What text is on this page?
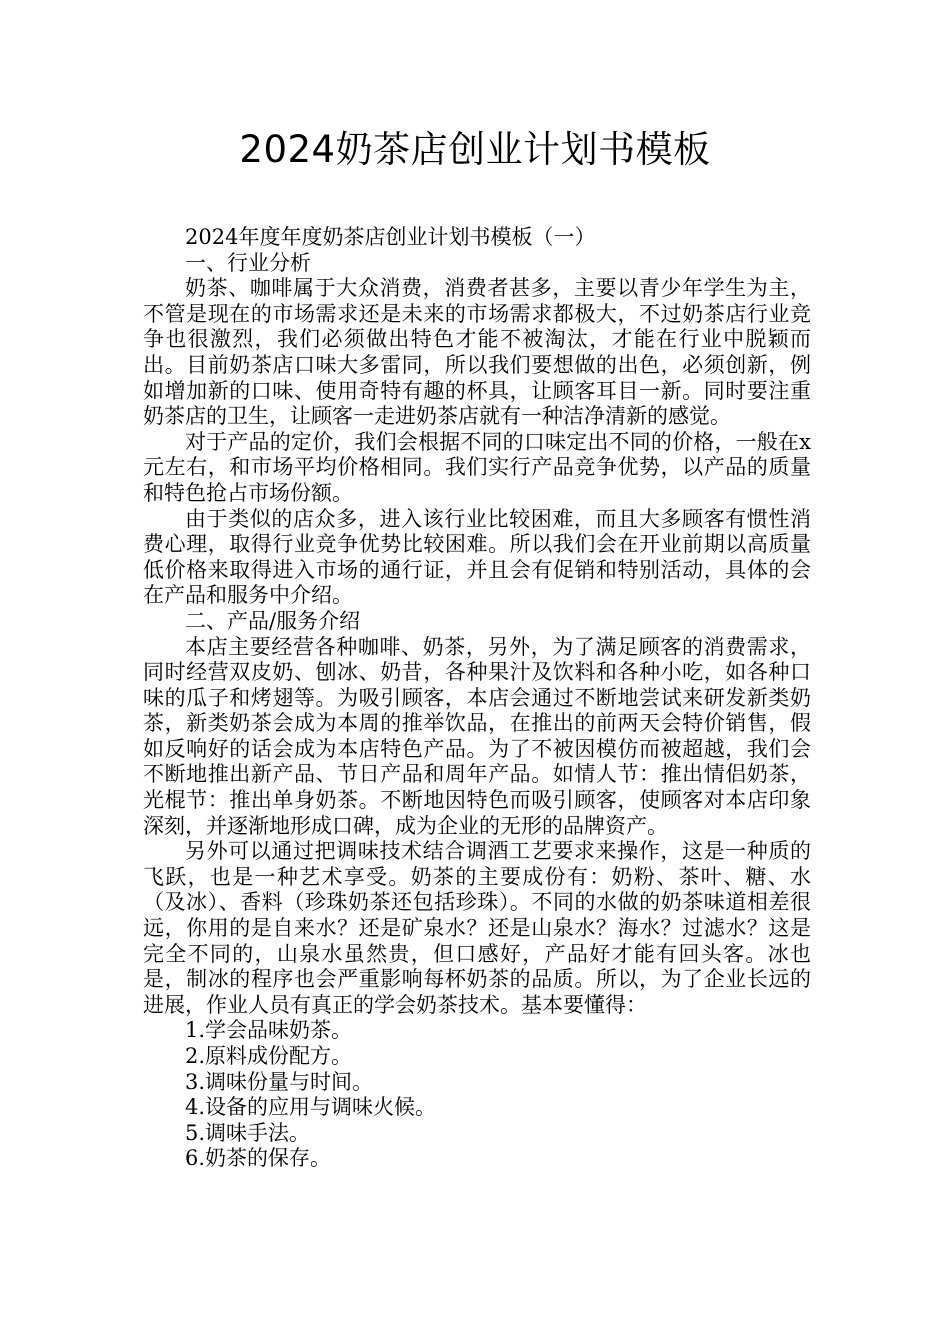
2024奶茶店创业计划书模板

2024年度年度奶茶店创业计划书模板（一）

一、行业分析

奶茶、咖啡属于大众消费，消费者甚多，主要以青少年学生为主，不管是现在的市场需求还是未来的市场需求都极大，不过奶茶店行业竞争也很激烈，我们必须做出特色才能不被淘汰，才能在行业中脱颖而出。目前奶茶店口味大多雷同，所以我们要想做的出色，必须创新，例如增加新的口味、使用奇特有趣的杯具，让顾客耳目一新。同时要注重奶茶店的卫生，让顾客一走进奶茶店就有一种洁净清新的感觉。

对于产品的定价，我们会根据不同的口味定出不同的价格，一般在x元左右，和市场平均价格相同。我们实行产品竞争优势，以产品的质量和特色抢占市场份额。

由于类似的店众多，进入该行业比较困难，而且大多顾客有惯性消费心理，取得行业竞争优势比较困难。所以我们会在开业前期以高质量低价格来取得进入市场的通行证，并且会有促销和特别活动，具体的会在产品和服务中介绍。

二、产品/服务介绍

本店主要经营各种咖啡、奶茶，另外，为了满足顾客的消费需求，同时经营双皮奶、刨冰、奶昔，各种果汁及饮料和各种小吃，如各种口味的瓜子和烤翅等。为吸引顾客，本店会通过不断地尝试来研发新类奶茶，新类奶茶会成为本周的推举饮品，在推出的前两天会特价销售，假如反响好的话会成为本店特色产品。为了不被因模仿而被超越，我们会不断地推出新产品、节日产品和周年产品。如情人节：推出情侣奶茶，光棍节：推出单身奶茶。不断地因特色而吸引顾客，使顾客对本店印象深刻，并逐渐地形成口碑，成为企业的无形的品牌资产。

另外可以通过把调味技术结合调酒工艺要求来操作，这是一种质的飞跃，也是一种艺术享受。奶茶的主要成份有：奶粉、茶叶、糖、水（及冰）、香料（珍珠奶茶还包括珍珠）。不同的水做的奶茶味道相差很远，你用的是自来水？还是矿泉水？还是山泉水？海水？过滤水？这是完全不同的，山泉水虽然贵，但口感好，产品好才能有回头客。冰也是，制冰的程序也会严重影响每杯奶茶的品质。所以，为了企业长远的进展，作业人员有真正的学会奶茶技术。基本要懂得：

1.学会品味奶茶。

2.原料成份配方。

3.调味份量与时间。

4.设备的应用与调味火候。

5.调味手法。

6.奶茶的保存。
